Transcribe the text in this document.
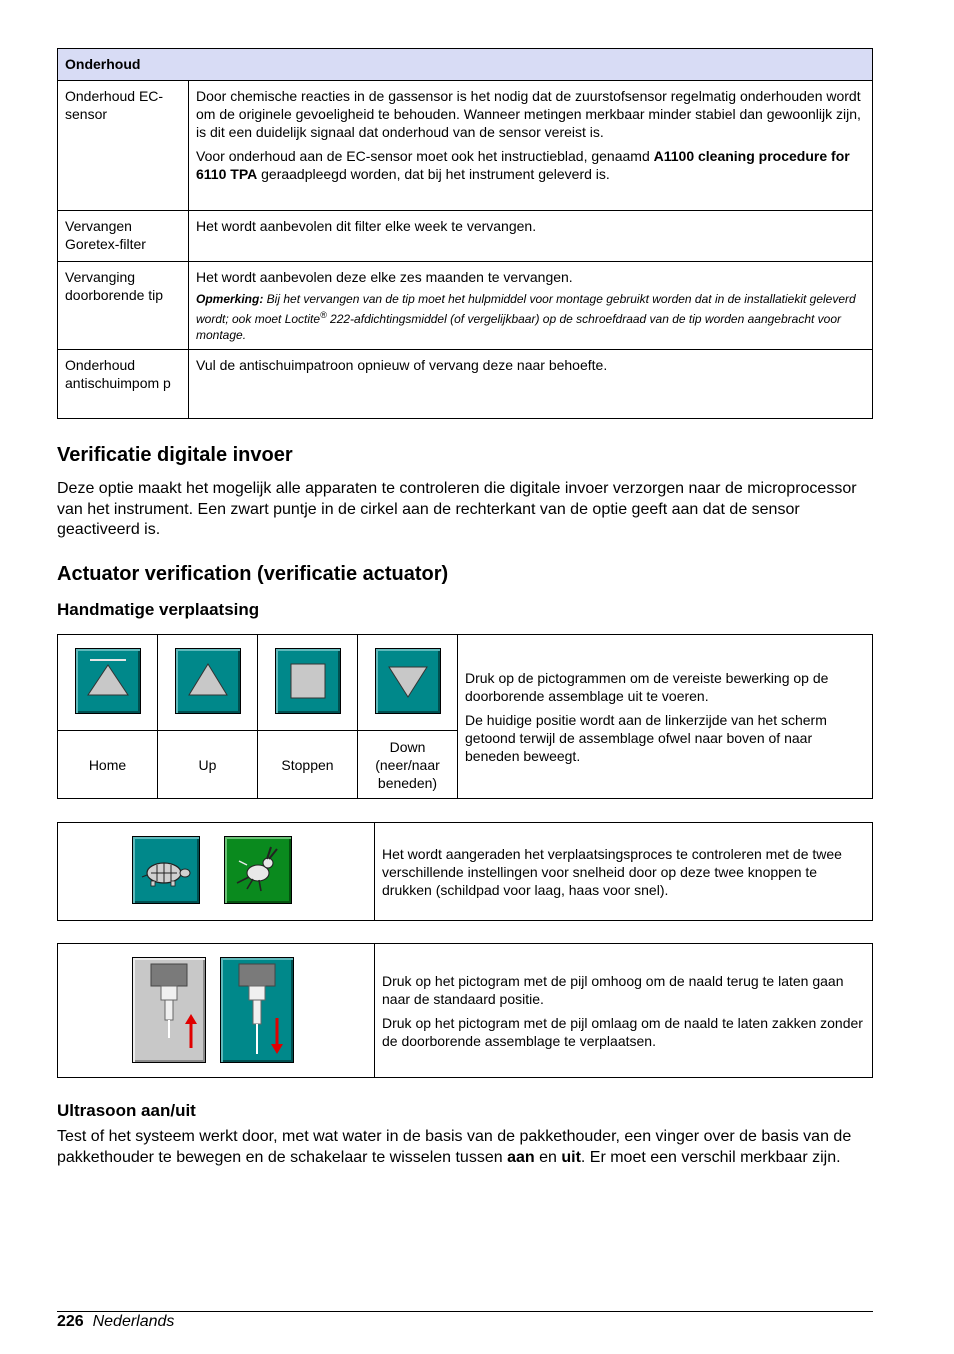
Onderhoud	
Onderhoud EC-sensor	Door chemische reacties in de gassensor is het nodig dat de zuurstofsensor regelmatig onderhouden wordt om de originele gevoeligheid te behouden. Wanneer metingen merkbaar minder stabiel dan gewoonlijk zijn, is dit een duidelijk signaal dat onderhoud van de sensor vereist is.

Voor onderhoud aan de EC-sensor moet ook het instructieblad, genaamd A1100 cleaning procedure for 6110 TPA geraadpleegd worden, dat bij het instrument geleverd is.

Vervangen Goretex-filter	Het wordt aanbevolen dit filter elke week te vervangen.
Vervanging doorborende tip	Het wordt aanbevolen deze elke zes maanden te vervangen.

Opmerking: Bij het vervangen van de tip moet het hulpmiddel voor montage gebruikt worden dat in de installatiekit geleverd wordt; ook moet Loctite® 222-afdichtingsmiddel (of vergelijkbaar) op de schroefdraad van de tip worden aangebracht voor montage.

Onderhoud antischuimpom p	Vul de antischuimpatroon opnieuw of vervang deze naar behoefte.
Verificatie digitale invoer

Deze optie maakt het mogelijk alle apparaten te controleren die digitale invoer verzorgen naar de microprocessor van het instrument. Een zwart puntje in de cirkel aan de rechterkant van de optie geeft aan dat de sensor geactiveerd is.

Actuator verification (verificatie actuator)
Handmatige verplaatsing

Druk op de pictogrammen om de vereiste bewerking op de doorborende assemblage uit te voeren.

De huidige positie wordt aan de linkerzijde van het scherm getoond terwijl de assemblage ofwel naar boven of naar beneden beweegt.

Home	Up	Stoppen	Down (neer/naar beneden)	
	Het wordt aangeraden het verplaatsingsproces te controleren met de twee verschillende instellingen voor snelheid door op deze twee knoppen te drukken (schildpad voor laag, haas voor snel).

Druk op het pictogram met de pijl omhoog om de naald terug te laten gaan naar de standaard positie.

Druk op het pictogram met de pijl omlaag om de naald te laten zakken zonder de doorborende assemblage te verplaatsen.

Ultrasoon aan/uit

Test of het systeem werkt door, met wat water in de basis van de pakkethouder, een vinger over de basis van de pakkethouder te bewegen en de schakelaar te wisselen tussen aan en uit. Er moet een verschil merkbaar zijn.

226 Nederlands
